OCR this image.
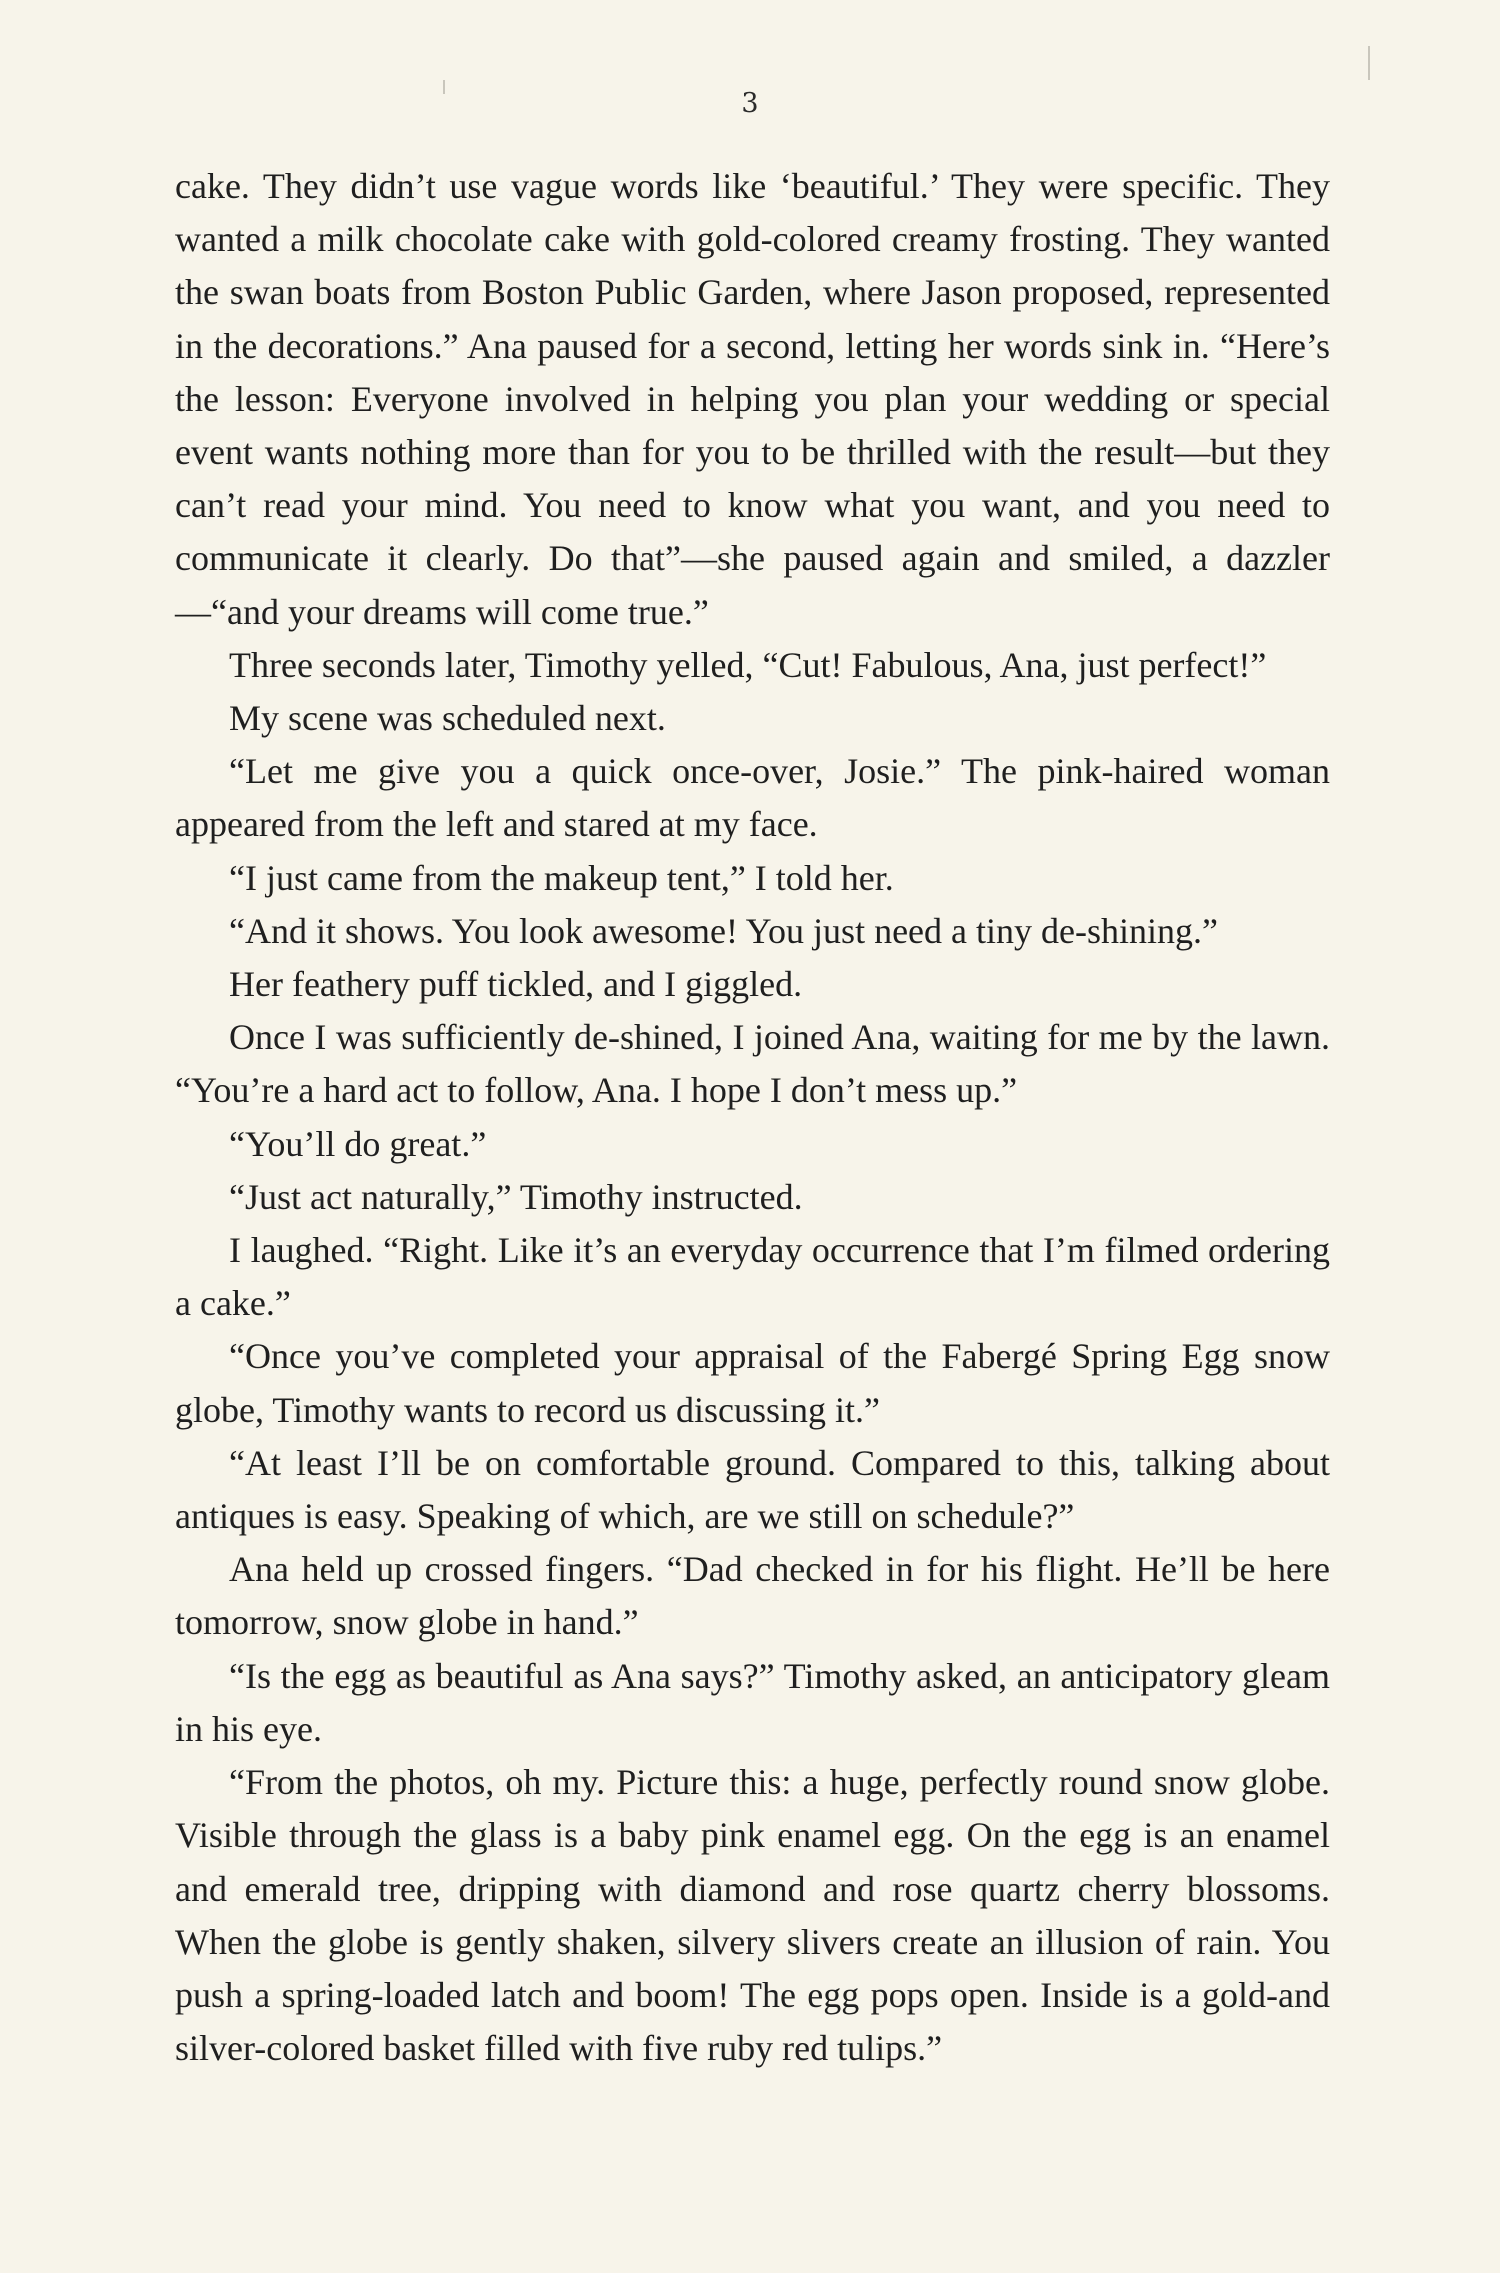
3

cake. They didn’t use vague words like ‘beautiful.’ They were specific. They wanted a milk chocolate cake with gold-colored creamy frosting. They wanted the swan boats from Boston Public Garden, where Jason proposed, represented in the decorations.” Ana paused for a second, letting her words sink in. “Here’s the lesson: Everyone involved in helping you plan your wedding or special event wants nothing more than for you to be thrilled with the result—but they can’t read your mind. You need to know what you want, and you need to communicate it clearly. Do that”—she paused again and smiled, a dazzler—“and your dreams will come true.”

Three seconds later, Timothy yelled, “Cut! Fabulous, Ana, just perfect!”

My scene was scheduled next.

“Let me give you a quick once-over, Josie.” The pink-haired woman appeared from the left and stared at my face.

“I just came from the makeup tent,” I told her.

“And it shows. You look awesome! You just need a tiny de-shining.”

Her feathery puff tickled, and I giggled.

Once I was sufficiently de-shined, I joined Ana, waiting for me by the lawn. “You’re a hard act to follow, Ana. I hope I don’t mess up.”

“You’ll do great.”

“Just act naturally,” Timothy instructed.

I laughed. “Right. Like it’s an everyday occurrence that I’m filmed ordering a cake.”

“Once you’ve completed your appraisal of the Fabergé Spring Egg snow globe, Timothy wants to record us discussing it.”

“At least I’ll be on comfortable ground. Compared to this, talking about antiques is easy. Speaking of which, are we still on schedule?”

Ana held up crossed fingers. “Dad checked in for his flight. He’ll be here tomorrow, snow globe in hand.”

“Is the egg as beautiful as Ana says?” Timothy asked, an anticipatory gleam in his eye.

“From the photos, oh my. Picture this: a huge, perfectly round snow globe. Visible through the glass is a baby pink enamel egg. On the egg is an enamel and emerald tree, dripping with diamond and rose quartz cherry blossoms. When the globe is gently shaken, silvery slivers create an illusion of rain. You push a spring-loaded latch and boom! The egg pops open. Inside is a gold-and silver-colored basket filled with five ruby red tulips.”
